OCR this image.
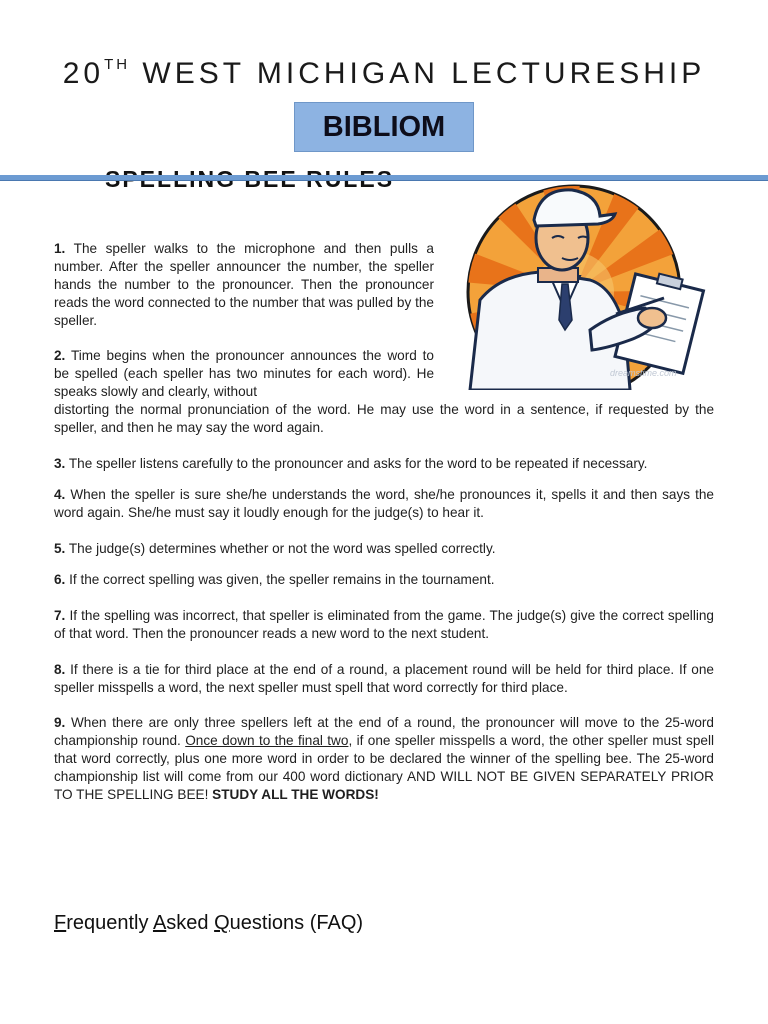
20TH WEST MICHIGAN LECTURESHIP
BIBLIOM
dreamstime.com
1. The speller walks to the microphone and then pulls a number. After the speller announcer the number, the speller hands the number to the pronouncer. Then the pronouncer reads the word connected to the number that was pulled by the speller.
2. Time begins when the pronouncer announces the word to be spelled (each speller has two minutes for each word). He speaks slowly and clearly, without
distorting the normal pronunciation of the word. He may use the word in a sentence, if requested by the speller, and then he may say the word again.
3. The speller listens carefully to the pronouncer and asks for the word to be repeated if necessary.
4. When the speller is sure she/he understands the word, she/he pronounces it, spells it and then says the word again. She/he must say it loudly enough for the judge(s) to hear it.
5. The judge(s) determines whether or not the word was spelled correctly.
6. If the correct spelling was given, the speller remains in the tournament.
7. If the spelling was incorrect, that speller is eliminated from the game. The judge(s) give the correct spelling of that word. Then the pronouncer reads a new word to the next student.
8. If there is a tie for third place at the end of a round, a placement round will be held for third place. If one speller misspells a word, the next speller must spell that word correctly for third place.
9. When there are only three spellers left at the end of a round, the pronouncer will move to the 25-word championship round. Once down to the final two, if one speller misspells a word, the other speller must spell that word correctly, plus one more word in order to be declared the winner of the spelling bee. The 25-word championship list will come from our 400 word dictionary AND WILL NOT BE GIVEN SEPARATELY PRIOR TO THE SPELLING BEE! STUDY ALL THE WORDS!
Frequently Asked Questions (FAQ)
